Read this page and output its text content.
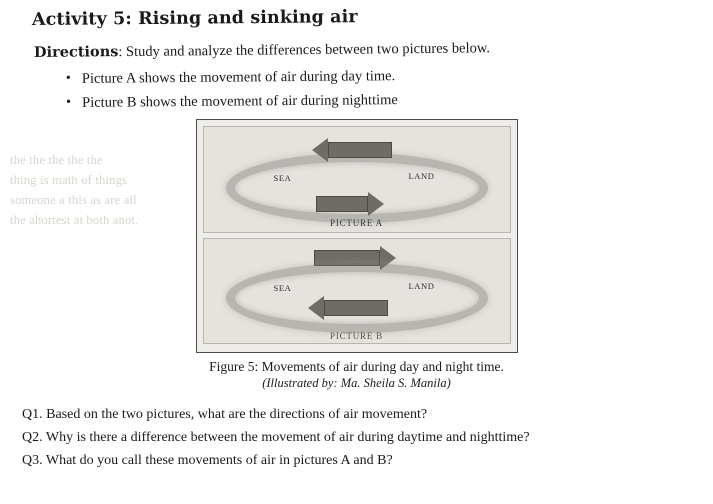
the the the the the
thing is math of things
someone a this as are all
the ahortest at both anot.
Activity 5: Rising and sinking air

Directions: Study and analyze the differences between two pictures below.

• Picture A shows the movement of air during day time.
• Picture B shows the movement of air during nighttime
SEA	LAND
PICTURE A
SEA	LAND
PICTURE B
Figure 5: Movements of air during day and night time.
(Illustrated by: Ma. Sheila S. Manila)

Q1. Based on the two pictures, what are the directions of air movement?

Q2. Why is there a difference between the movement of air during daytime and nighttime?

Q3. What do you call these movements of air in pictures A and B?
